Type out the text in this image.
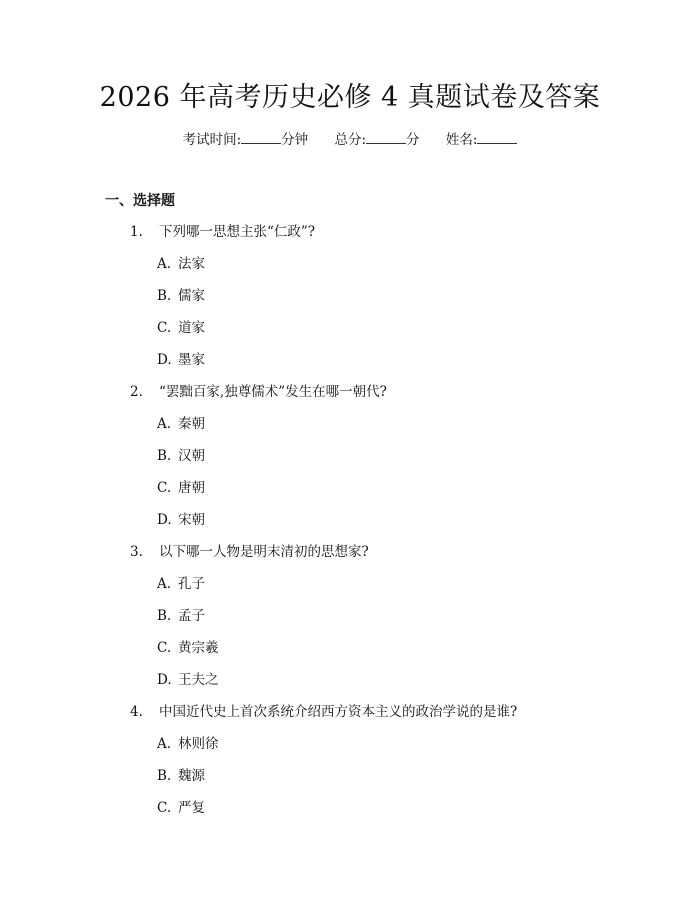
2026 年高考历史必修 4 真题试卷及答案
考试时间:	分钟 总分:	分 姓名:
一、选择题
1. 下列哪一思想主张“仁政”?
A. 法家
B. 儒家
C. 道家
D. 墨家
2. “罢黜百家,独尊儒术”发生在哪一朝代?
A. 秦朝
B. 汉朝
C. 唐朝
D. 宋朝
3. 以下哪一人物是明末清初的思想家?
A. 孔子
B. 孟子
C. 黄宗羲
D. 王夫之
4. 中国近代史上首次系统介绍西方资本主义的政治学说的是谁?
A. 林则徐
B. 魏源
C. 严复
